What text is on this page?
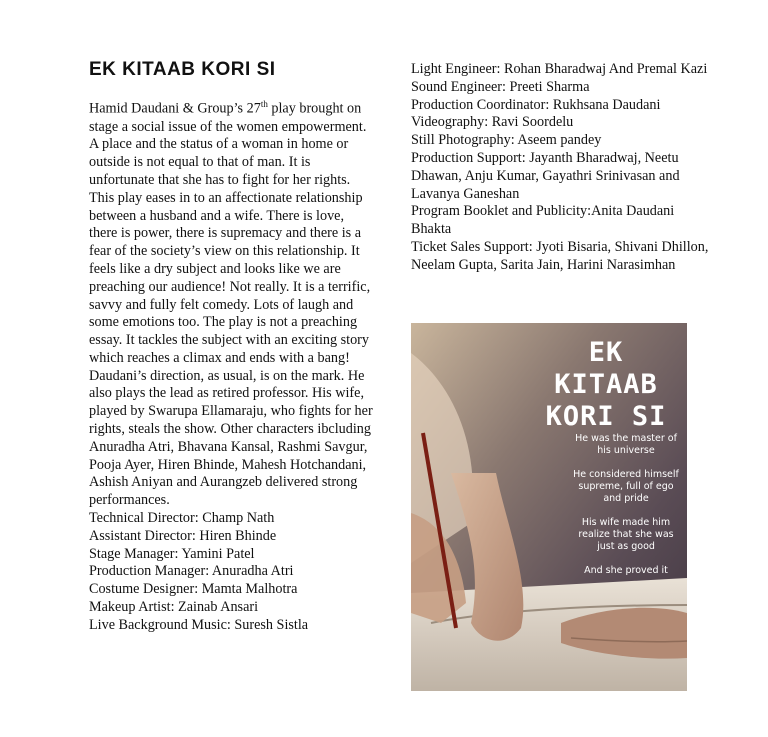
EK KITAAB KORI SI

Hamid Daudani & Group’s 27th play brought on stage a social issue of the women empowerment. A place and the status of a woman in home or outside is not equal to that of man. It is unfortunate that she has to fight for her rights.

This play eases in to an affectionate relationship between a husband and a wife. There is love, there is power, there is supremacy and there is a fear of the society’s view on this relationship. It feels like a dry subject and looks like we are preaching our audience! Not really. It is a terrific, savvy and fully felt comedy. Lots of laugh and some emotions too. The play is not a preaching essay. It tackles the subject with an exciting story which reaches a climax and ends with a bang!

Daudani’s direction, as usual, is on the mark. He also plays the lead as retired professor. His wife, played by Swarupa Ellamaraju, who fights for her rights, steals the show. Other characters ibcluding Anuradha Atri, Bhavana Kansal, Rashmi Savgur, Pooja Ayer, Hiren Bhinde, Mahesh Hotchandani, Ashish Aniyan and Aurangzeb delivered strong performances.

Technical Director: Champ Nath

Assistant Director: Hiren Bhinde

Stage Manager: Yamini Patel

Production Manager: Anuradha Atri

Costume Designer: Mamta Malhotra

Makeup Artist: Zainab Ansari

Live Background Music: Suresh Sistla

Light Engineer: Rohan Bharadwaj And Premal Kazi

Sound Engineer: Preeti Sharma

Production Coordinator: Rukhsana Daudani

Videography: Ravi Soordelu

Still Photography: Aseem pandey

Production Support: Jayanth Bharadwaj, Neetu Dhawan, Anju Kumar, Gayathri Srinivasan and Lavanya Ganeshan

Program Booklet and Publicity:Anita Daudani Bhakta

Ticket Sales Support: Jyoti Bisaria, Shivani Dhillon, Neelam Gupta, Sarita Jain, Harini Narasimhan

EK KITAAB
KORI SI
He was the master of his universe
He considered himself supreme, full of ego and pride
His wife made him realize that she was just as good
And she proved it
